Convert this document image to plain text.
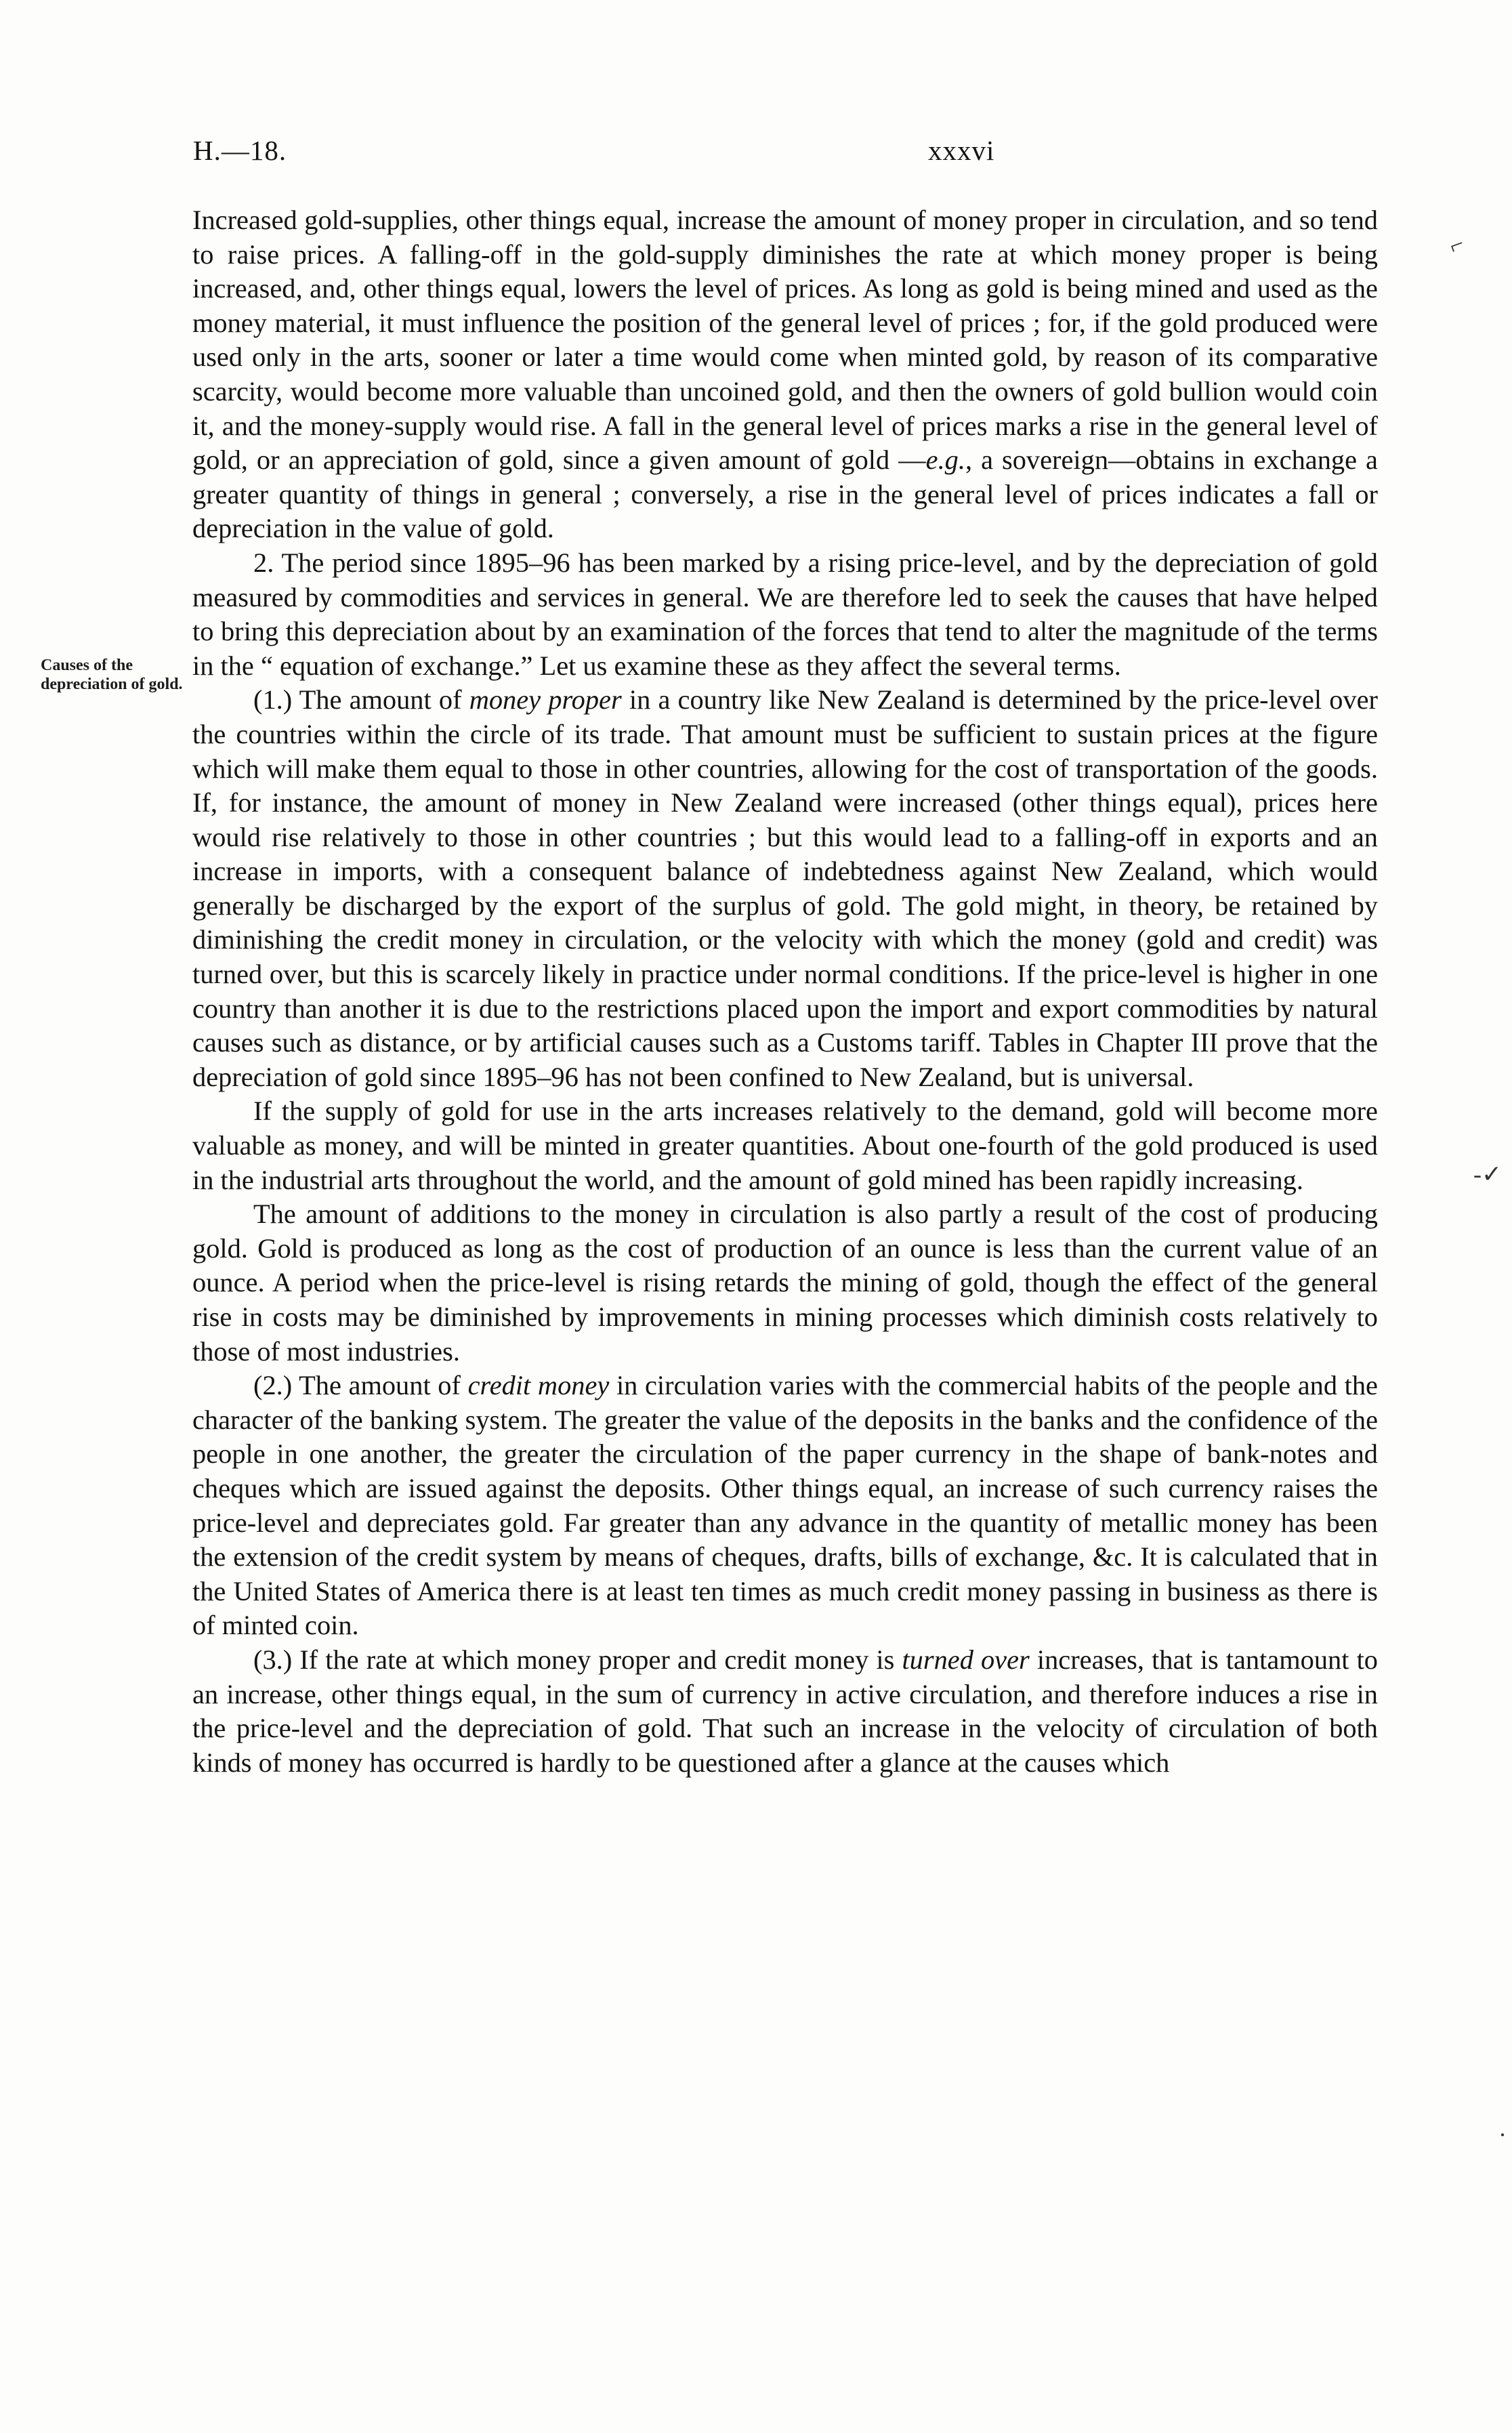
H.—18.	xxxvi
Causes of the depreciation of gold.
⌐
-✓
·

Increased gold-supplies, other things equal, increase the amount of money proper in circulation, and so tend to raise prices. A falling-off in the gold-supply diminishes the rate at which money proper is being increased, and, other things equal, lowers the level of prices. As long as gold is being mined and used as the money material, it must influence the position of the general level of prices ; for, if the gold produced were used only in the arts, sooner or later a time would come when minted gold, by reason of its comparative scarcity, would become more valuable than uncoined gold, and then the owners of gold bullion would coin it, and the money-supply would rise. A fall in the general level of prices marks a rise in the general level of gold, or an appreciation of gold, since a given amount of gold —e.g., a sovereign—obtains in exchange a greater quantity of things in general ; conversely, a rise in the general level of prices indicates a fall or depreciation in the value of gold.

2. The period since 1895–96 has been marked by a rising price-level, and by the depreciation of gold measured by commodities and services in general. We are therefore led to seek the causes that have helped to bring this depreciation about by an examination of the forces that tend to alter the magnitude of the terms in the “ equation of exchange.” Let us examine these as they affect the several terms.

(1.) The amount of money proper in a country like New Zealand is determined by the price-level over the countries within the circle of its trade. That amount must be sufficient to sustain prices at the figure which will make them equal to those in other countries, allowing for the cost of transportation of the goods. If, for instance, the amount of money in New Zealand were increased (other things equal), prices here would rise relatively to those in other countries ; but this would lead to a falling-off in exports and an increase in imports, with a consequent balance of indebtedness against New Zealand, which would generally be discharged by the export of the surplus of gold. The gold might, in theory, be retained by diminishing the credit money in circulation, or the velocity with which the money (gold and credit) was turned over, but this is scarcely likely in practice under normal conditions. If the price-level is higher in one country than another it is due to the restrictions placed upon the import and export commodities by natural causes such as distance, or by artificial causes such as a Customs tariff. Tables in Chapter III prove that the depreciation of gold since 1895–96 has not been confined to New Zealand, but is universal.

If the supply of gold for use in the arts increases relatively to the demand, gold will become more valuable as money, and will be minted in greater quantities. About one-fourth of the gold produced is used in the industrial arts throughout the world, and the amount of gold mined has been rapidly increasing.

The amount of additions to the money in circulation is also partly a result of the cost of producing gold. Gold is produced as long as the cost of production of an ounce is less than the current value of an ounce. A period when the price-level is rising retards the mining of gold, though the effect of the general rise in costs may be diminished by improvements in mining processes which diminish costs relatively to those of most industries.

(2.) The amount of credit money in circulation varies with the commercial habits of the people and the character of the banking system. The greater the value of the deposits in the banks and the confidence of the people in one another, the greater the circulation of the paper currency in the shape of bank-notes and cheques which are issued against the deposits. Other things equal, an increase of such currency raises the price-level and depreciates gold. Far greater than any advance in the quantity of metallic money has been the extension of the credit system by means of cheques, drafts, bills of exchange, &c. It is calculated that in the United States of America there is at least ten times as much credit money passing in business as there is of minted coin.

(3.) If the rate at which money proper and credit money is turned over increases, that is tantamount to an increase, other things equal, in the sum of currency in active circulation, and therefore induces a rise in the price-level and the depreciation of gold. That such an increase in the velocity of circulation of both kinds of money has occurred is hardly to be questioned after a glance at the causes which
